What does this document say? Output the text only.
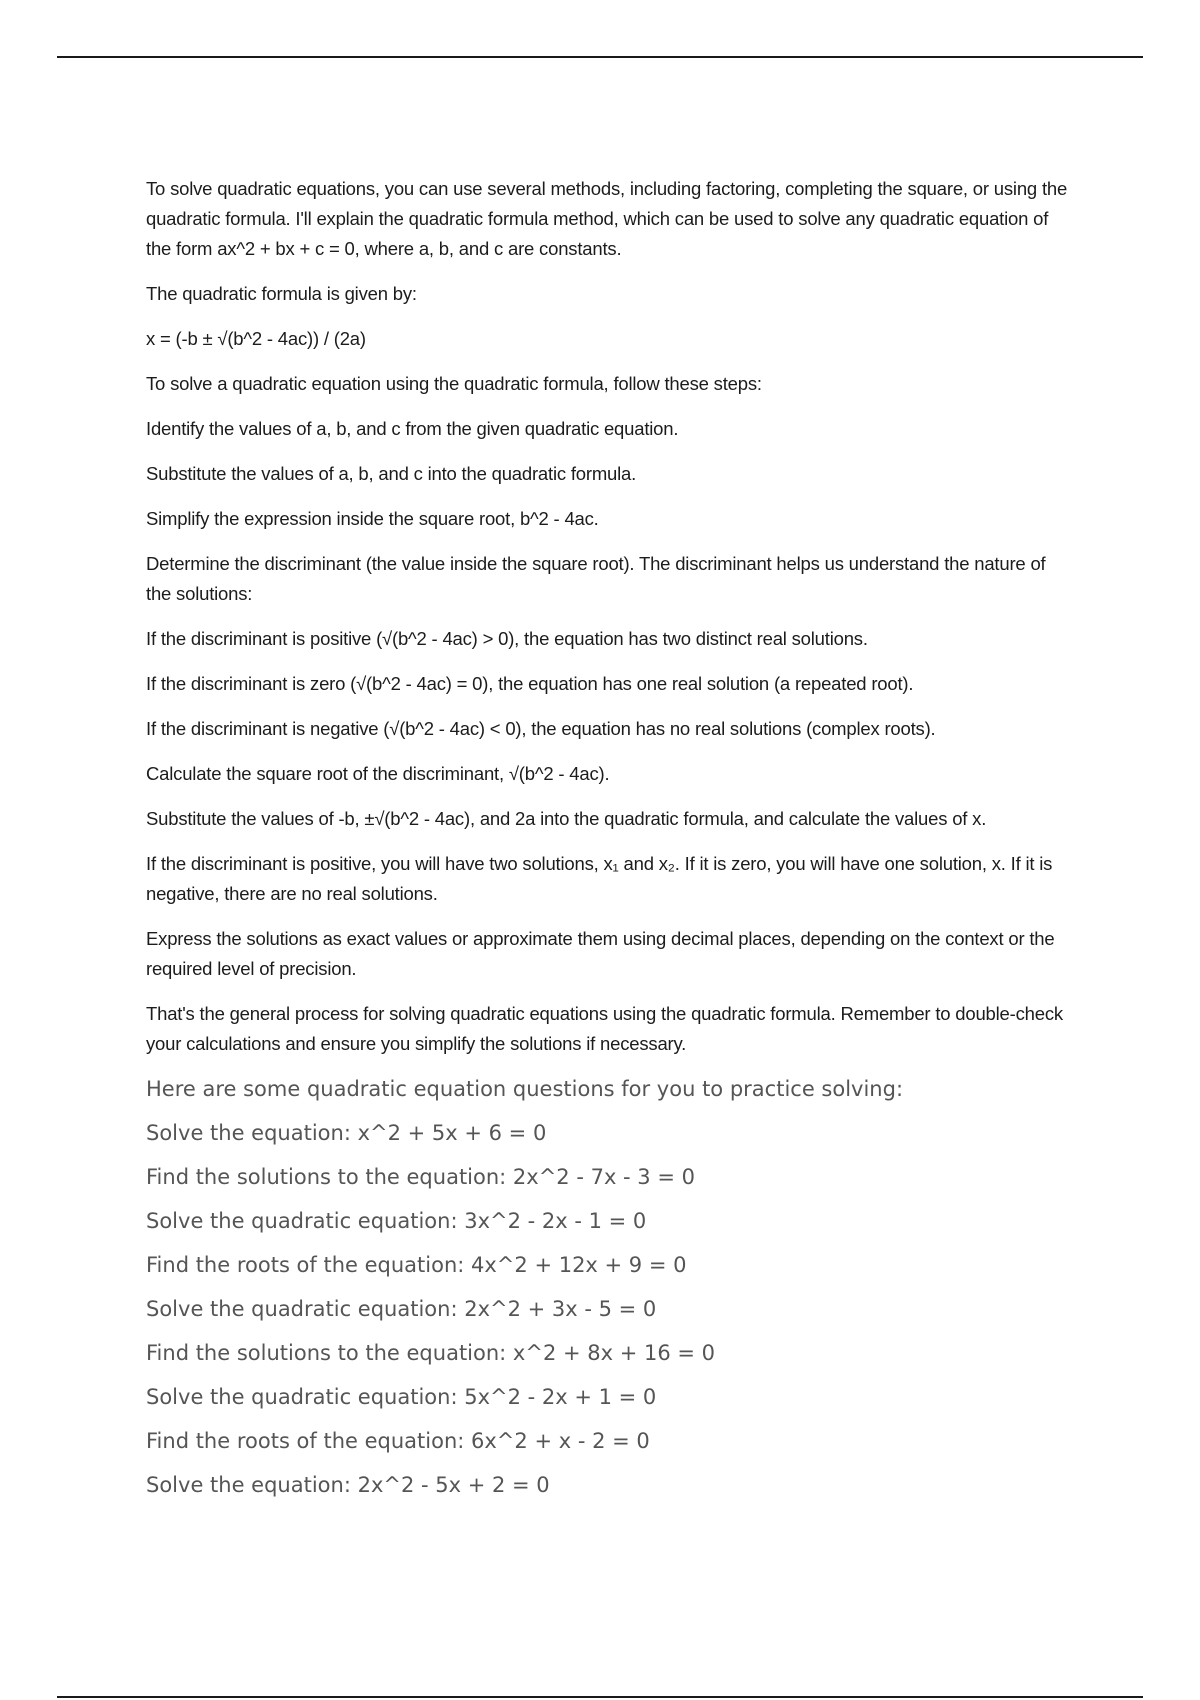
To solve quadratic equations, you can use several methods, including factoring, completing the square, or using the quadratic formula. I'll explain the quadratic formula method, which can be used to solve any quadratic equation of the form ax^2 + bx + c = 0, where a, b, and c are constants.

The quadratic formula is given by:

x = (-b ± √(b^2 - 4ac)) / (2a)

To solve a quadratic equation using the quadratic formula, follow these steps:

Identify the values of a, b, and c from the given quadratic equation.

Substitute the values of a, b, and c into the quadratic formula.

Simplify the expression inside the square root, b^2 - 4ac.

Determine the discriminant (the value inside the square root). The discriminant helps us understand the nature of the solutions:

If the discriminant is positive (√(b^2 - 4ac) > 0), the equation has two distinct real solutions.

If the discriminant is zero (√(b^2 - 4ac) = 0), the equation has one real solution (a repeated root).

If the discriminant is negative (√(b^2 - 4ac) < 0), the equation has no real solutions (complex roots).

Calculate the square root of the discriminant, √(b^2 - 4ac).

Substitute the values of -b, ±√(b^2 - 4ac), and 2a into the quadratic formula, and calculate the values of x.

If the discriminant is positive, you will have two solutions, x₁ and x₂. If it is zero, you will have one solution, x. If it is negative, there are no real solutions.

Express the solutions as exact values or approximate them using decimal places, depending on the context or the required level of precision.

That's the general process for solving quadratic equations using the quadratic formula. Remember to double-check your calculations and ensure you simplify the solutions if necessary.

Here are some quadratic equation questions for you to practice solving:

Solve the equation: x^2 + 5x + 6 = 0

Find the solutions to the equation: 2x^2 - 7x - 3 = 0

Solve the quadratic equation: 3x^2 - 2x - 1 = 0

Find the roots of the equation: 4x^2 + 12x + 9 = 0

Solve the quadratic equation: 2x^2 + 3x - 5 = 0

Find the solutions to the equation: x^2 + 8x + 16 = 0

Solve the quadratic equation: 5x^2 - 2x + 1 = 0

Find the roots of the equation: 6x^2 + x - 2 = 0

Solve the equation: 2x^2 - 5x + 2 = 0
